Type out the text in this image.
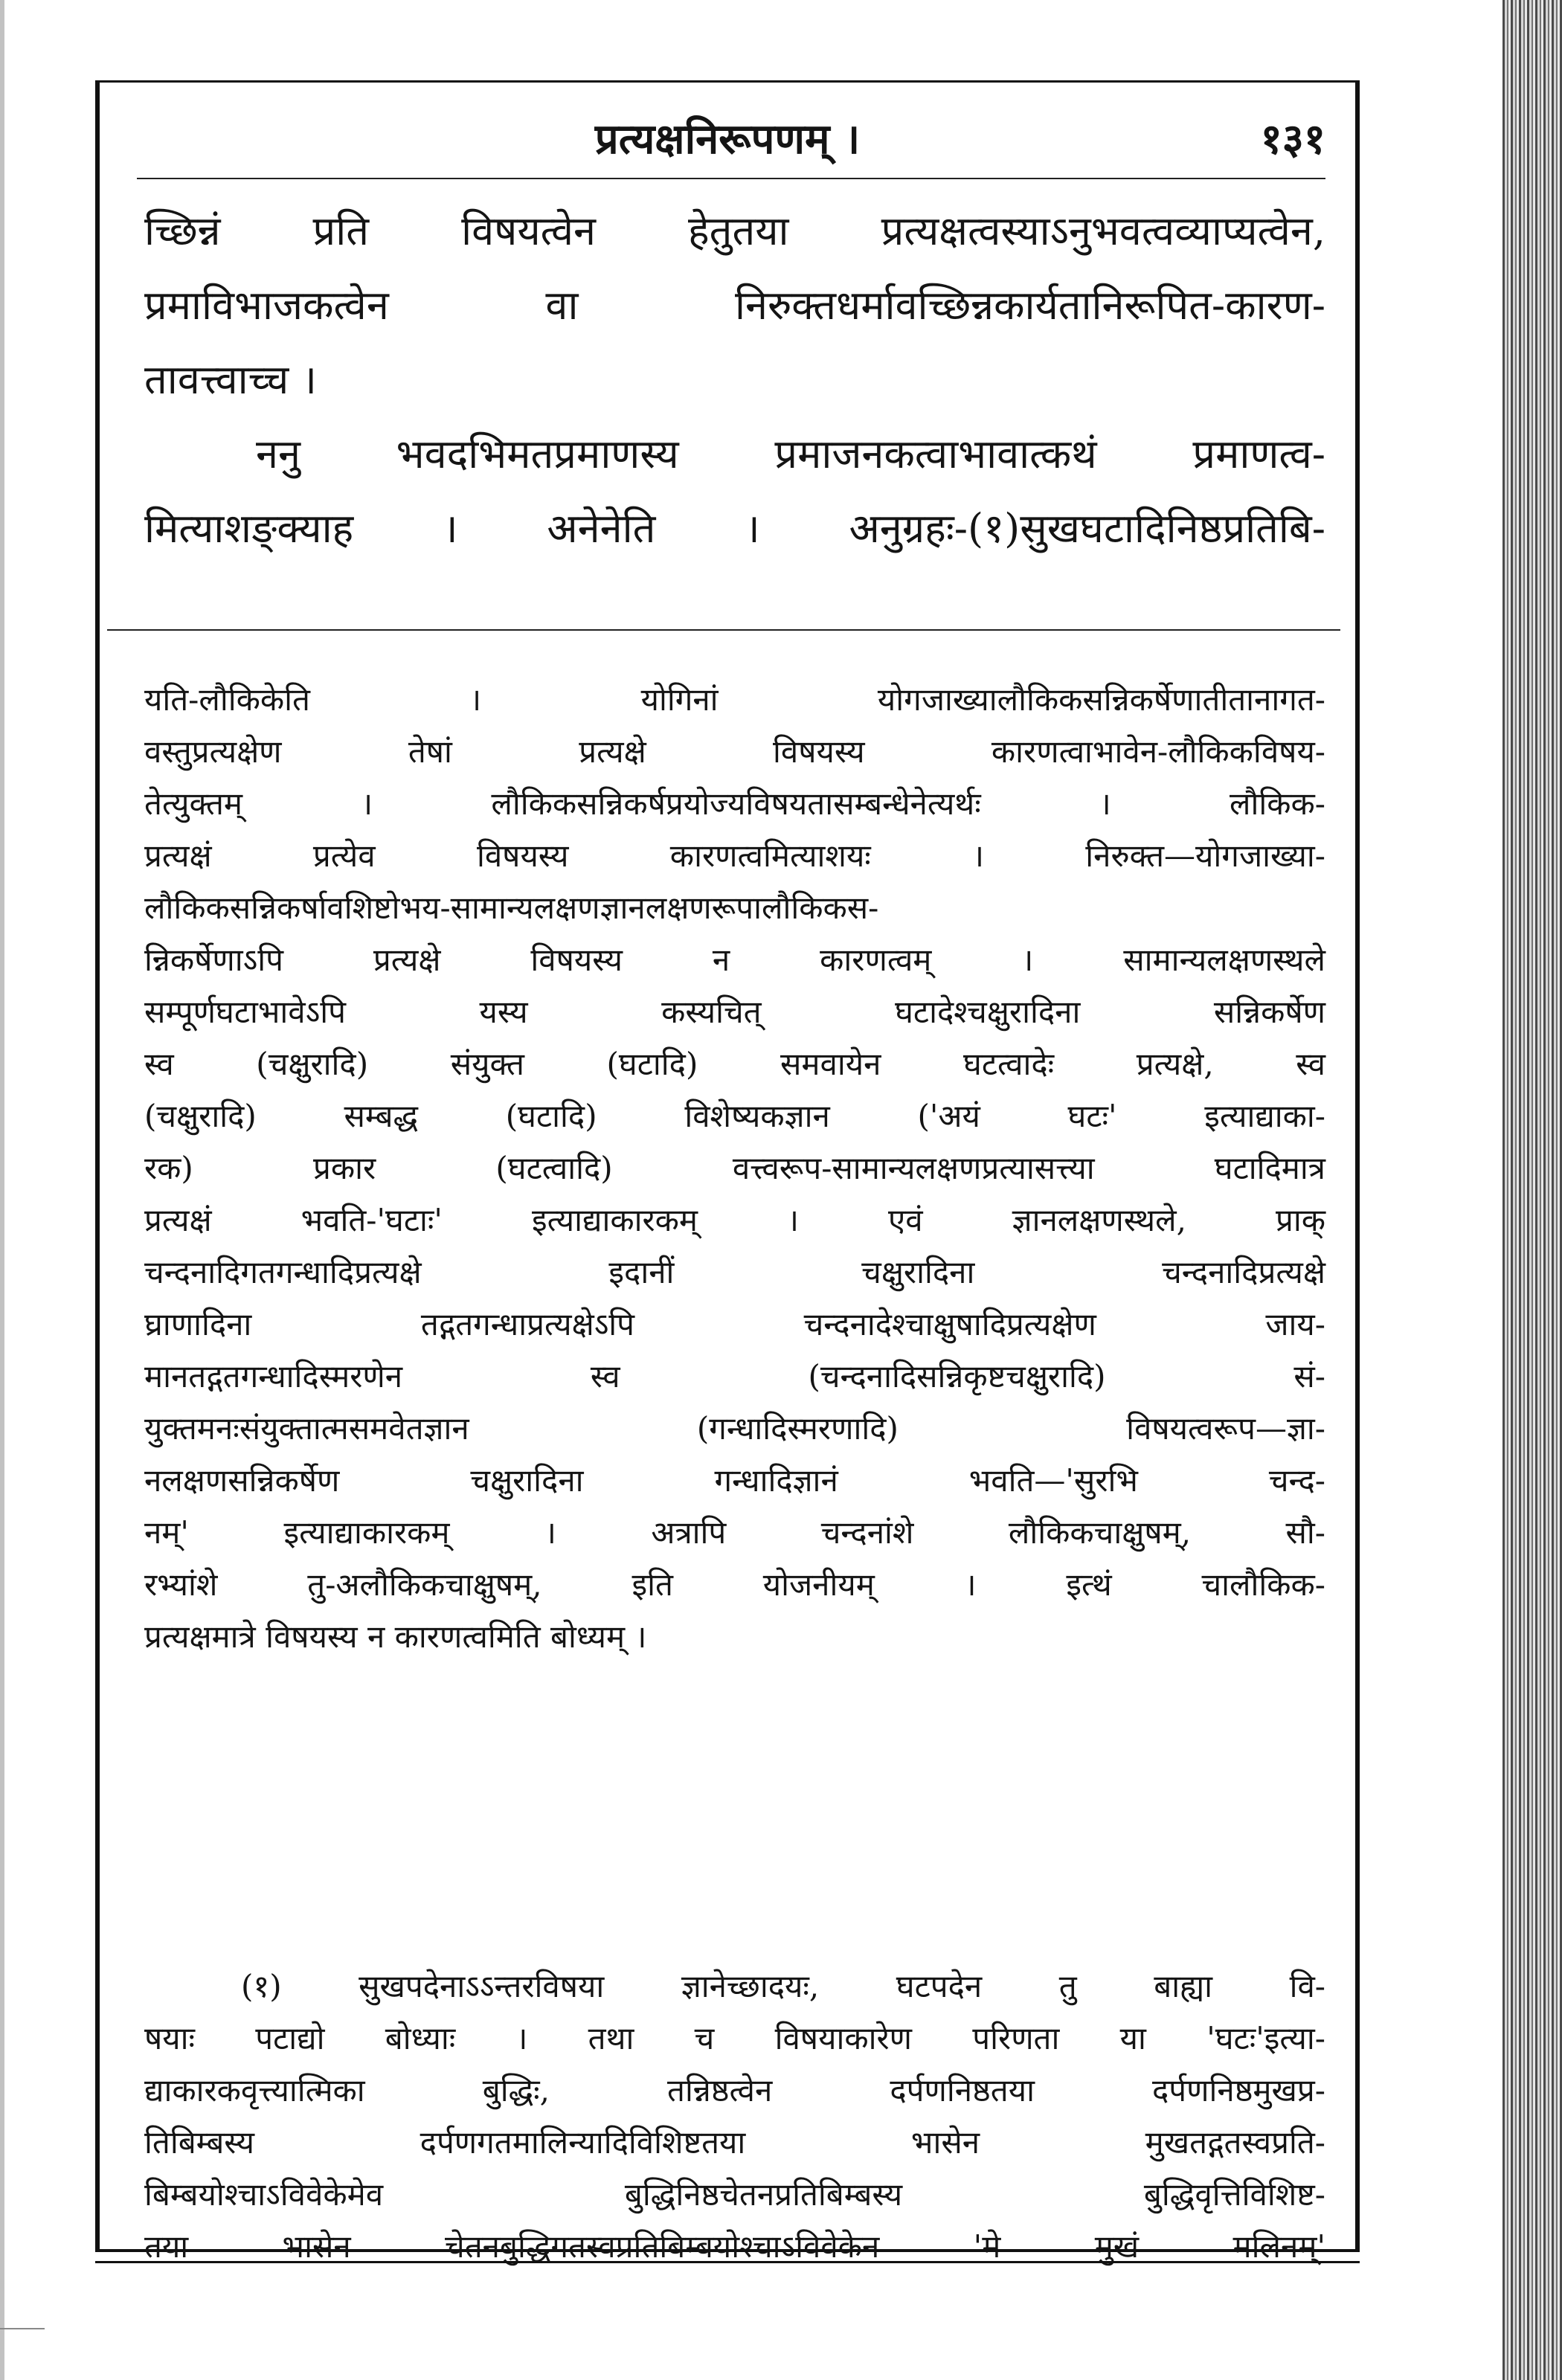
प्रत्यक्षनिरूपणम् ।	१३१
च्छिन्नं प्रति विषयत्वेन हेतुतया प्रत्यक्षत्वस्याऽनुभवत्वव्याप्यत्वेन,
प्रमाविभाजकत्वेन वा निरुक्तधर्मावच्छिन्नकार्यतानिरूपित-कारण-
तावत्त्वाच्च ।
ननु भवदभिमतप्रमाणस्य प्रमाजनकत्वाभावात्कथं प्रमाणत्व-
मित्याशङ्क्याह । अनेनेति । अनुग्रहः-(१)सुखघटादिनिष्ठप्रतिबि-
यति-लौकिकेति । योगिनां योगजाख्यालौकिकसन्निकर्षेणातीतानागत-
वस्तुप्रत्यक्षेण तेषां प्रत्यक्षे विषयस्य कारणत्वाभावेन-लौकिकविषय-
तेत्युक्तम् । लौकिकसन्निकर्षप्रयोज्यविषयतासम्बन्धेनेत्यर्थः । लौकिक-
प्रत्यक्षं प्रत्येव विषयस्य कारणत्वमित्याशयः । निरुक्त—योगजाख्या-
लौकिकसन्निकर्षावशिष्टोभय-सामान्यलक्षणज्ञानलक्षणरूपालौकिकस-
न्निकर्षेणाऽपि प्रत्यक्षे विषयस्य न कारणत्वम् । सामान्यलक्षणस्थले
सम्पूर्णघटाभावेऽपि यस्य कस्यचित् घटादेश्चक्षुरादिना सन्निकर्षेण
स्व (चक्षुरादि) संयुक्त (घटादि) समवायेन घटत्वादेः प्रत्यक्षे, स्व
(चक्षुरादि) सम्बद्ध (घटादि) विशेष्यकज्ञान ('अयं घटः' इत्याद्याका-
रक) प्रकार (घटत्वादि) वत्त्वरूप-सामान्यलक्षणप्रत्यासत्त्या घटादिमात्र
प्रत्यक्षं भवति-'घटाः' इत्याद्याकारकम् । एवं ज्ञानलक्षणस्थले, प्राक्
चन्दनादिगतगन्धादिप्रत्यक्षे इदानीं चक्षुरादिना चन्दनादिप्रत्यक्षे
घ्राणादिना तद्गतगन्धाप्रत्यक्षेऽपि चन्दनादेश्चाक्षुषादिप्रत्यक्षेण जाय-
मानतद्गतगन्धादिस्मरणेन स्व (चन्दनादिसन्निकृष्टचक्षुरादि) सं-
युक्तमनःसंयुक्तात्मसमवेतज्ञान (गन्धादिस्मरणादि) विषयत्वरूप—ज्ञा-
नलक्षणसन्निकर्षेण चक्षुरादिना गन्धादिज्ञानं भवति—'सुरभि चन्द-
नम्' इत्याद्याकारकम् । अत्रापि चन्दनांशे लौकिकचाक्षुषम्, सौ-
रभ्यांशे तु-अलौकिकचाक्षुषम्, इति योजनीयम् । इत्थं चालौकिक-
प्रत्यक्षमात्रे विषयस्य न कारणत्वमिति बोध्यम् ।
(१) सुखपदेनाऽऽन्तरविषया ज्ञानेच्छादयः, घटपदेन तु बाह्या वि-
षयाः पटाद्यो बोध्याः । तथा च विषयाकारेण परिणता या 'घटः'इत्या-
द्याकारकवृत्त्यात्मिका बुद्धिः, तन्निष्ठत्वेन दर्पणनिष्ठतया दर्पणनिष्ठमुखप्र-
तिबिम्बस्य दर्पणगतमालिन्यादिविशिष्टतया भासेन मुखतद्गतस्वप्रति-
बिम्बयोश्चाऽविवेकेमेव बुद्धिनिष्ठचेतनप्रतिबिम्बस्य बुद्धिवृत्तिविशिष्ट-
तया भासेन चेतनबुद्धिगतस्वप्रतिबिम्बयोश्चाऽविवेकेन 'मे मुखं मलिनम्'
